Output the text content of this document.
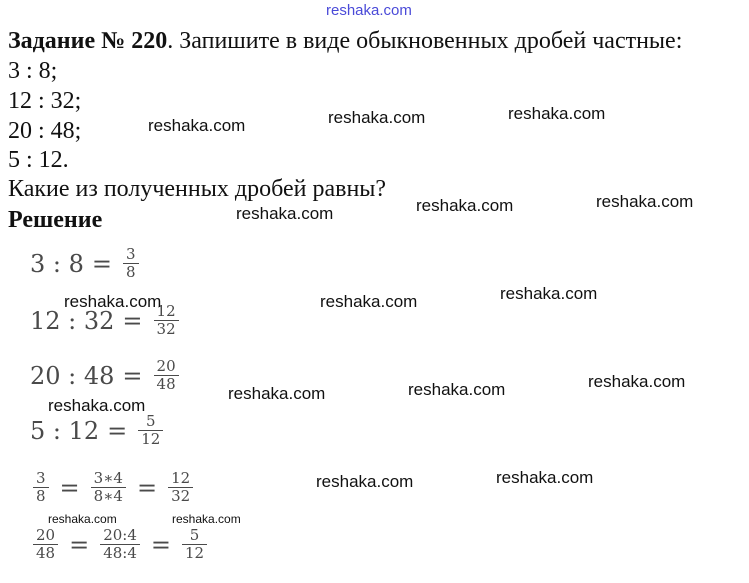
reshaka.com
Задание № 220. Запишите в виде обыкновенных дробей частные:
3 : 8;
12 : 32;
20 : 48;
5 : 12.
Какие из полученных дробей равны?
Решение
3 : $8 = \frac{3}{8}$
12 : $32 = \frac{12}{32}$
20 : $48 = \frac{20}{48}$
5 : $12 = \frac{5}{12}$
$\frac{3}{8} = \frac{3∗4}{8∗4} = \frac{12}{32}$
$\frac{20}{48} = \frac{20:4}{48:4} = \frac{5}{12}$
reshaka.com	reshaka.com	reshaka.com
reshaka.com	reshaka.com	reshaka.com
reshaka.com	reshaka.com	reshaka.com
reshaka.com
reshaka.com	reshaka.com	reshaka.com
reshaka.com	reshaka.com
reshaka.com	reshaka.com
